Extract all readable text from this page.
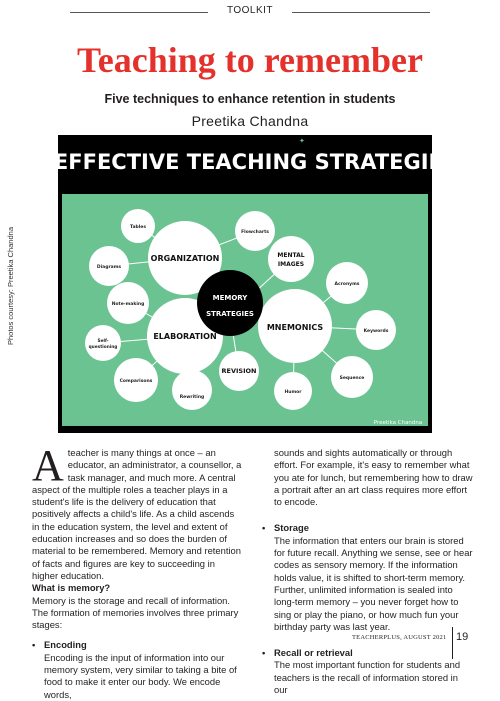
TOOLKIT
Teaching to remember
Five techniques to enhance retention in students
Preetika Chandna
Photos courtesy: Preetika Chandna
5 EFFECTIVE TEACHING STRATEGIES
✦
Tables
Flowcharts
Diagrams
Note-making
Self-
questioning
Comparisons
Rewriting
Acronyms
Keywords
Sequence
Humor
ORGANIZATION	MENTAL
IMAGES
ELABORATION
MNEMONICS
REVISION
MEMORY
STRATEGIES
Preetika Chandna

Ateacher is many things at once – an educator, an administrator, a counsellor, a task manager, and much more. A central aspect of the multiple roles a teacher plays in a student's life is the delivery of education that positively affects a child's life. As a child ascends in the education system, the level and extent of education increases and so does the burden of material to be remembered. Memory and retention of facts and figures are key to succeeding in higher education.

What is memory?

Memory is the storage and recall of information. The formation of memories involves three primary stages:

• Encoding

Encoding is the input of information into our memory system, very similar to taking a bite of food to make it enter our body. We encode words,

sounds and sights automatically or through effort. For example, it's easy to remember what you ate for lunch, but remembering how to draw a portrait after an art class requires more effort to encode.

• Storage

The information that enters our brain is stored for future recall. Anything we sense, see or hear codes as sensory memory. If the information holds value, it is shifted to short-term memory. Further, unlimited information is sealed into long-term memory – you never forget how to sing or play the piano, or how much fun your birthday party was last year.

• Recall or retrieval

The most important function for students and teachers is the recall of information stored in our

TEACHERPLUS, AUGUST 2021 19
